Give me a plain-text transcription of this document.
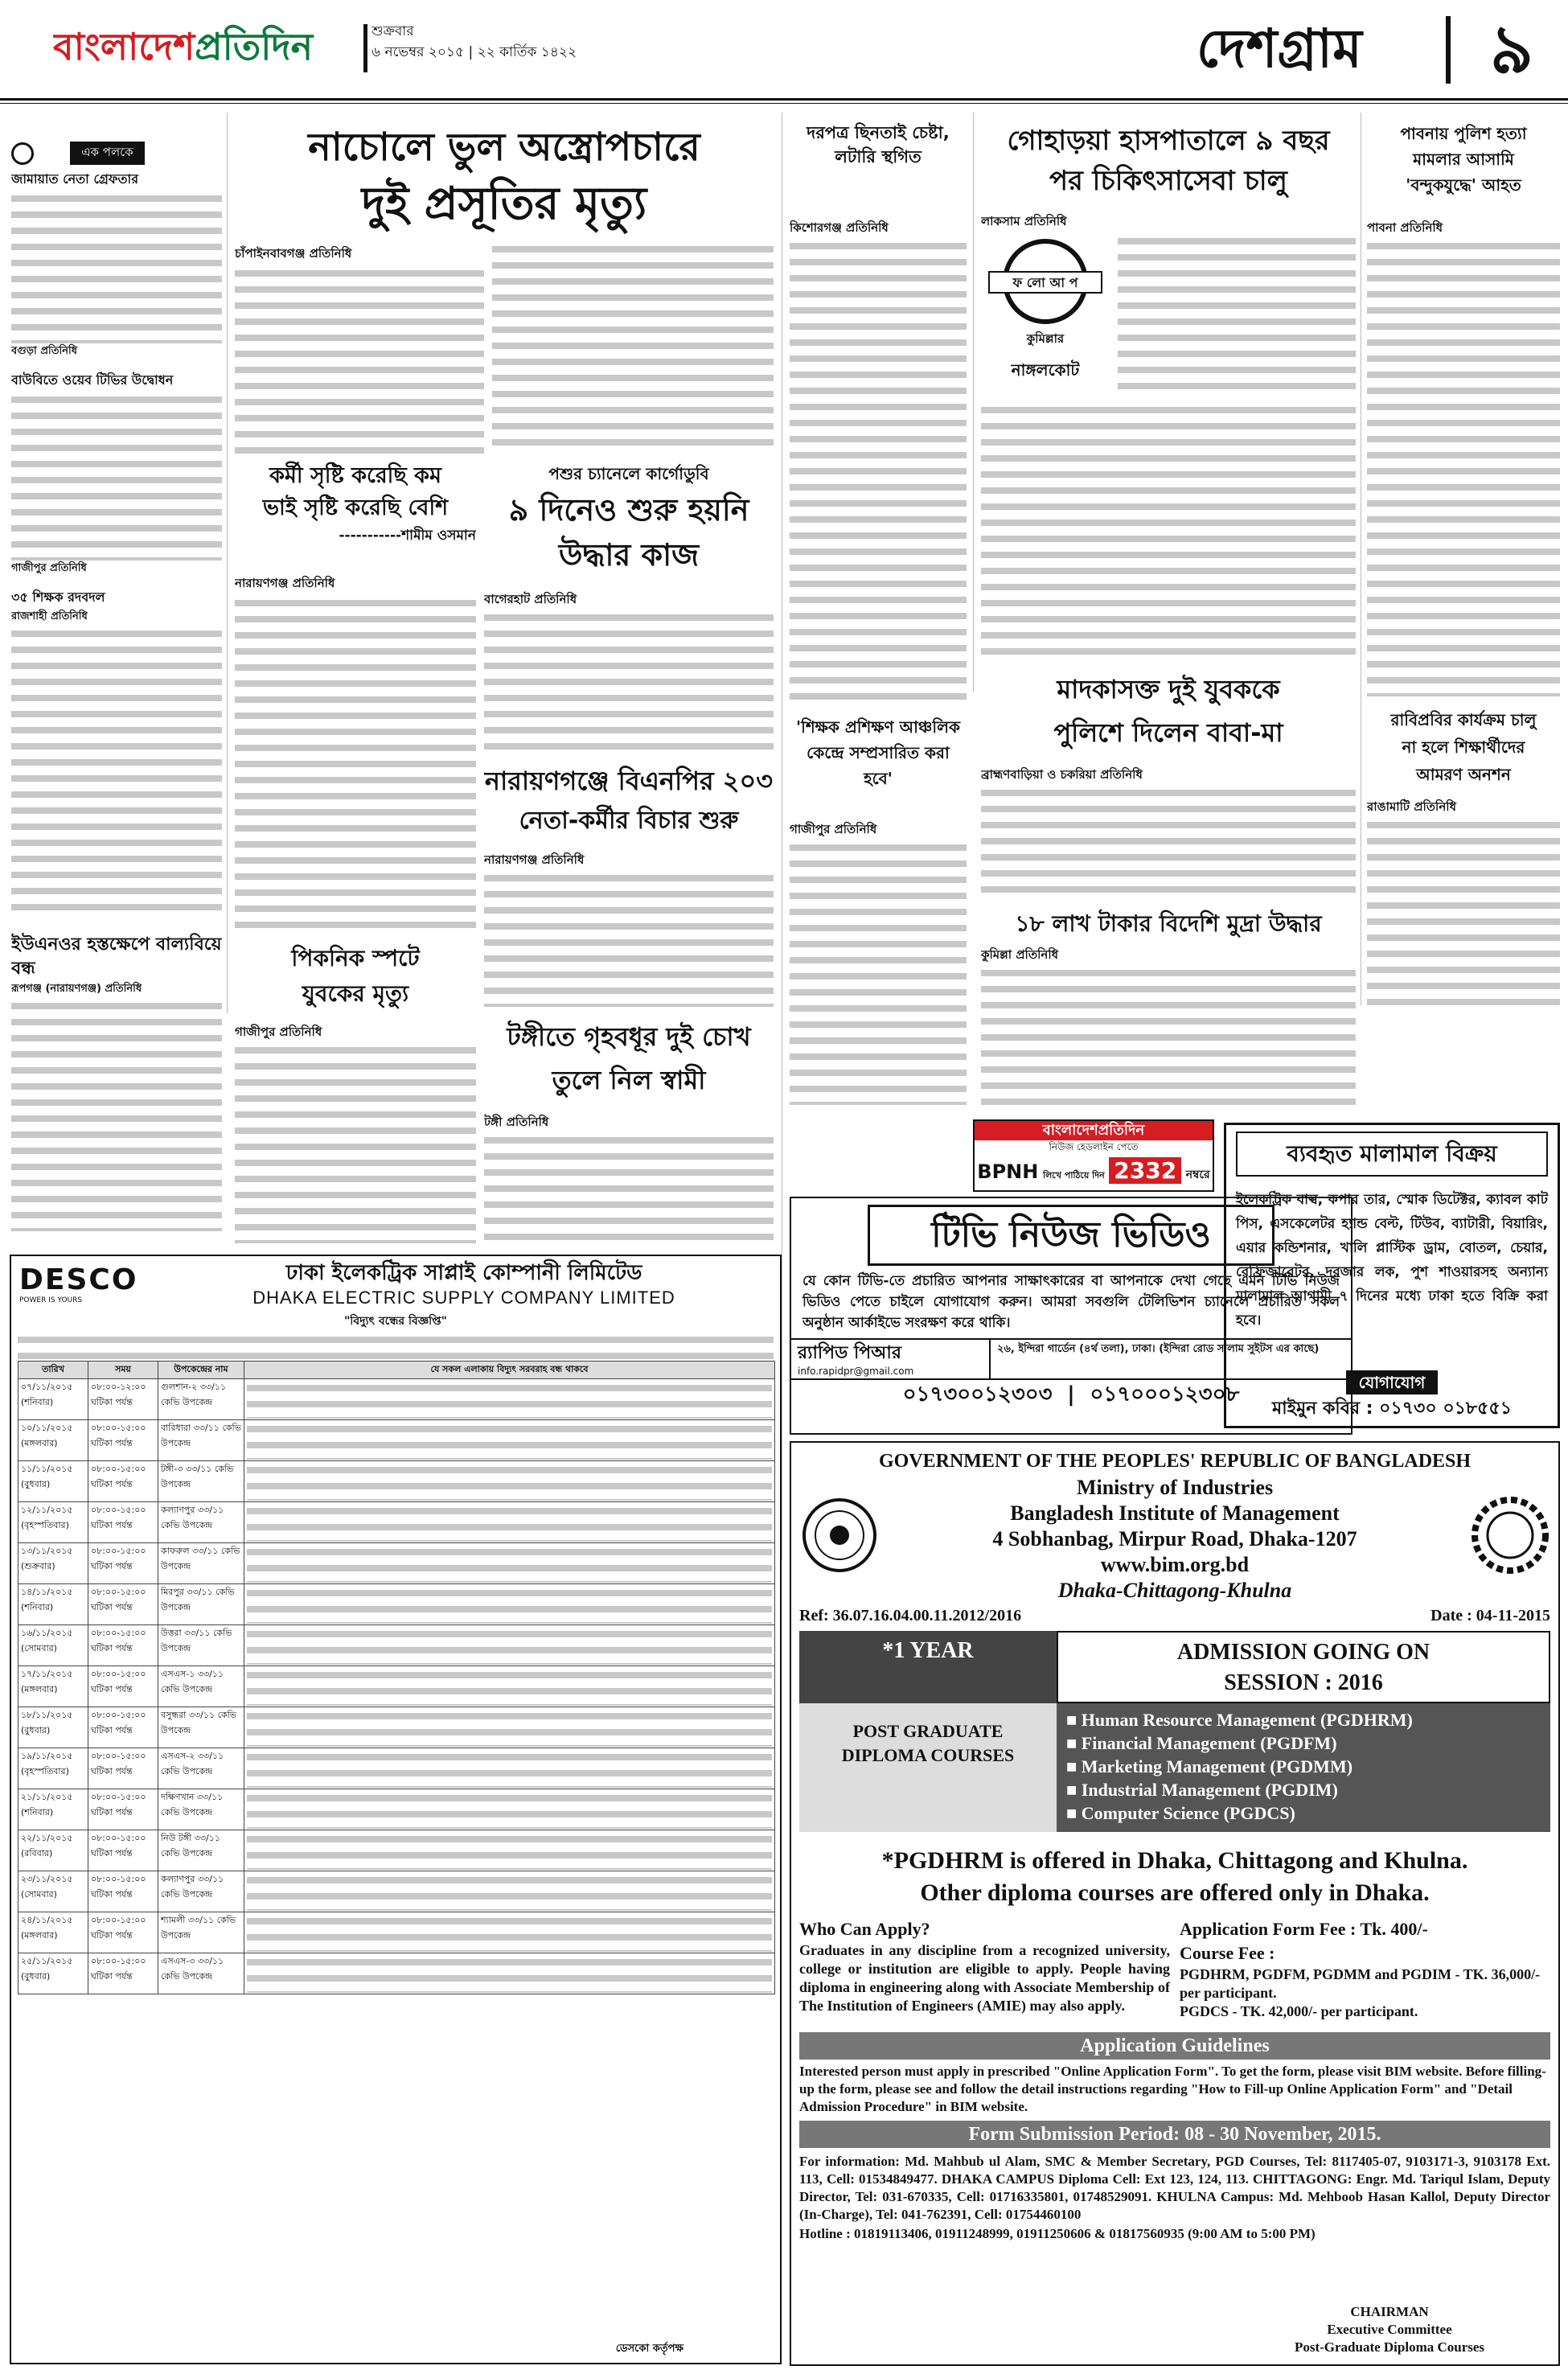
বাংলাদেশপ্রতিদিন	শুক্রবার
৬ নভেম্বর ২০১৫ | ২২ কার্তিক ১৪২২	দেশগ্রাম	৯
এক পলকে
জামায়াত নেতা গ্রেফতার
বগুড়া প্রতিনিধি
বাউবিতে ওয়েব টিভির উদ্বোধন
গাজীপুর প্রতিনিধি
৩৫ শিক্ষক রদবদল
রাজশাহী প্রতিনিধি
ইউএনওর হস্তক্ষেপে বাল্যবিয়ে বন্ধ
রূপগঞ্জ (নারায়ণগঞ্জ) প্রতিনিধি
নাচোলে ভুল অস্ত্রোপচারে
দুই প্রসূতির মৃত্যু
চাঁপাইনবাবগঞ্জ প্রতিনিধি
কর্মী সৃষ্টি করেছি কম
ভাই সৃষ্টি করেছি বেশি
-----------শামীম ওসমান
নারায়ণগঞ্জ প্রতিনিধি
পশুর চ্যানেলে কার্গোডুবি
৯ দিনেও শুরু হয়নি
উদ্ধার কাজ
বাগেরহাট প্রতিনিধি
নারায়ণগঞ্জে বিএনপির ২০৩
নেতা-কর্মীর বিচার শুরু
নারায়ণগঞ্জ প্রতিনিধি
পিকনিক স্পটে
যুবকের মৃত্যু
গাজীপুর প্রতিনিধি	টঙ্গীতে গৃহবধূর দুই চোখ
তুলে নিল স্বামী
টঙ্গী প্রতিনিধি
দরপত্র ছিনতাই চেষ্টা, লটারি স্থগিত
কিশোরগঞ্জ প্রতিনিধি
গোহাড়য়া হাসপাতালে ৯ বছর
পর চিকিৎসাসেবা চালু
লাকসাম প্রতিনিধি
ফ লো আ প
কুমিল্লার
নাঙ্গলকোট
পাবনায় পুলিশ হত্যা
মামলার আসামি
'বন্দুকযুদ্ধে' আহত
পাবনা প্রতিনিধি
রাবিপ্রবির কার্যক্রম চালু
না হলে শিক্ষার্থীদের
আমরণ অনশন
রাঙামাটি প্রতিনিধি
মাদকাসক্ত দুই যুবককে
পুলিশে দিলেন বাবা-মা
ব্রাহ্মণবাড়িয়া ও চকরিয়া প্রতিনিধি
'শিক্ষক প্রশিক্ষণ আঞ্চলিক কেন্দ্রে সম্প্রসারিত করা হবে'
গাজীপুর প্রতিনিধি
১৮ লাখ টাকার বিদেশি মুদ্রা উদ্ধার
কুমিল্লা প্রতিনিধি
বাংলাদেশপ্রতিদিন
নিউজ হেডলাইন পেতে
BPNH লিখে পাঠিয়ে দিন 2332 নম্বরে
টিভি নিউজ ভিডিও
যে কোন টিভি-তে প্রচারিত আপনার সাক্ষাৎকারের বা আপনাকে দেখা গেছে এমন টিভি নিউজ ভিডিও পেতে চাইলে যোগাযোগ করুন। আমরা সবগুলি টেলিভিশন চ্যানেলে প্রচারিত সকল অনুষ্ঠান আর্কাইভে সংরক্ষণ করে থাকি।
র‍্যাপিড পিআর
info.rapidpr@gmail.com
২৬, ইন্দিরা গার্ডেন (৪র্থ তলা), ঢাকা। (ইন্দিরা রোড সালাম সুইটস এর কাছে)
০১৭৩০০১২৩০৩ | ০১৭০০০১২৩০৮
ব্যবহৃত মালামাল বিক্রয়
ইলেকট্রিক বাল্ব, কপার তার, স্মোক ডিটেক্টর, ক্যাবল কাট পিস, এসকেলেটর হ্যান্ড বেল্ট, টিউব, ব্যাটারী, বিয়ারিং, এয়ার কন্ডিশনার, খালি প্লাস্টিক ড্রাম, বোতল, চেয়ার, রেফ্রিজারেটর, দরজার লক, পুশ শাওয়ারসহ অন্যান্য মালামাল আগামী ৭ দিনের মধ্যে ঢাকা হতে বিক্রি করা হবে।
যোগাযোগ
মাইমুন কবির : ০১৭৩০ ০১৮৫৫১
DESCO
POWER IS YOURS
ঢাকা ইলেকট্রিক সাপ্লাই কোম্পানী লিমিটেড
DHAKA ELECTRIC SUPPLY COMPANY LIMITED
"বিদ্যুৎ বন্ধের বিজ্ঞপ্তি"
তারিখ	সময়	উপকেন্দ্রের নাম	যে সকল এলাকায় বিদ্যুৎ সরবরাহ বন্ধ থাকবে
০৭/১১/২০১৫ (শনিবার)	০৮:০০-১২:০০ ঘটিকা পর্যন্ত	গুলশান-২ ৩৩/১১ কেভি উপকেন্দ্র	

১০/১১/২০১৫ (মঙ্গলবার)	০৮:০০-১৫:০০ ঘটিকা পর্যন্ত	বারিধারা ৩৩/১১ কেভি উপকেন্দ্র	

১১/১১/২০১৫ (বুধবার)	০৮:০০-১৫:০০ ঘটিকা পর্যন্ত	টঙ্গী-৩ ৩৩/১১ কেভি উপকেন্দ্র	

১২/১১/২০১৫ (বৃহস্পতিবার)	০৮:০০-১৫:০০ ঘটিকা পর্যন্ত	কল্যাণপুর ৩৩/১১ কেভি উপকেন্দ্র	

১৩/১১/২০১৫ (শুক্রবার)	০৮:০০-১৫:০০ ঘটিকা পর্যন্ত	কাফরুল ৩৩/১১ কেভি উপকেন্দ্র	

১৪/১১/২০১৫ (শনিবার)	০৮:০০-১৫:০০ ঘটিকা পর্যন্ত	মিরপুর ৩৩/১১ কেভি উপকেন্দ্র	

১৬/১১/২০১৫ (সোমবার)	০৮:০০-১৫:০০ ঘটিকা পর্যন্ত	উত্তরা ৩৩/১১ কেভি উপকেন্দ্র	

১৭/১১/২০১৫ (মঙ্গলবার)	০৮:০০-১৫:০০ ঘটিকা পর্যন্ত	এসএস-১ ৩৩/১১ কেভি উপকেন্দ্র	

১৮/১১/২০১৫ (বুধবার)	০৮:০০-১৫:০০ ঘটিকা পর্যন্ত	বসুন্ধরা ৩৩/১১ কেভি উপকেন্দ্র	

১৯/১১/২০১৫ (বৃহস্পতিবার)	০৮:০০-১৫:০০ ঘটিকা পর্যন্ত	এসএস-২ ৩৩/১১ কেভি উপকেন্দ্র	

২১/১১/২০১৫ (শনিবার)	০৮:০০-১৫:০০ ঘটিকা পর্যন্ত	দক্ষিণখান ৩৩/১১ কেভি উপকেন্দ্র	

২২/১১/২০১৫ (রবিবার)	০৮:০০-১৫:০০ ঘটিকা পর্যন্ত	নিউ টঙ্গী ৩৩/১১ কেভি উপকেন্দ্র	

২৩/১১/২০১৫ (সোমবার)	০৮:০০-১৫:০০ ঘটিকা পর্যন্ত	কল্যাণপুর ৩৩/১১ কেভি উপকেন্দ্র	

২৪/১১/২০১৫ (মঙ্গলবার)	০৮:০০-১৫:০০ ঘটিকা পর্যন্ত	শ্যামলী ৩৩/১১ কেভি উপকেন্দ্র	

২৫/১১/২০১৫ (বুধবার)	০৮:০০-১৫:০০ ঘটিকা পর্যন্ত	এসএস-৩ ৩৩/১১ কেভি উপকেন্দ্র	
ডেসকো কর্তৃপক্ষ
GOVERNMENT OF THE PEOPLES' REPUBLIC OF BANGLADESH
Ministry of Industries
Bangladesh Institute of Management
4 Sobhanbag, Mirpur Road, Dhaka-1207
www.bim.org.bd
Dhaka-Chittagong-Khulna
Ref: 36.07.16.04.00.11.2012/2016	Date : 04-11-2015
*1 YEAR	ADMISSION GOING ON
SESSION : 2016
POST GRADUATE
DIPLOMA COURSES
■ Human Resource Management (PGDHRM)
■ Financial Management (PGDFM)
■ Marketing Management (PGDMM)
■ Industrial Management (PGDIM)
■ Computer Science (PGDCS)
*PGDHRM is offered in Dhaka, Chittagong and Khulna.
Other diploma courses are offered only in Dhaka.
Who Can Apply?
Graduates in any discipline from a recognized university, college or institution are eligible to apply. People having diploma in engineering along with Associate Membership of The Institution of Engineers (AMIE) may also apply.
Application Form Fee : Tk. 400/-
Course Fee :
PGDHRM, PGDFM, PGDMM and PGDIM - TK. 36,000/- per participant.
PGDCS - TK. 42,000/- per participant.
Application Guidelines
Interested person must apply in prescribed "Online Application Form". To get the form, please visit BIM website. Before filling-up the form, please see and follow the detail instructions regarding "How to Fill-up Online Application Form" and "Detail Admission Procedure" in BIM website.
Form Submission Period: 08 - 30 November, 2015.
For information: Md. Mahbub ul Alam, SMC & Member Secretary, PGD Courses, Tel: 8117405-07, 9103171-3, 9103178 Ext. 113, Cell: 01534849477. DHAKA CAMPUS Diploma Cell: Ext 123, 124, 113. CHITTAGONG: Engr. Md. Tariqul Islam, Deputy Director, Tel: 031-670335, Cell: 01716335801, 01748529091. KHULNA Campus: Md. Mehboob Hasan Kallol, Deputy Director (In-Charge), Tel: 041-762391, Cell: 01754460100
Hotline : 01819113406, 01911248999, 01911250606 & 01817560935 (9:00 AM to 5:00 PM)
CHAIRMAN
Executive Committee
Post-Graduate Diploma Courses
